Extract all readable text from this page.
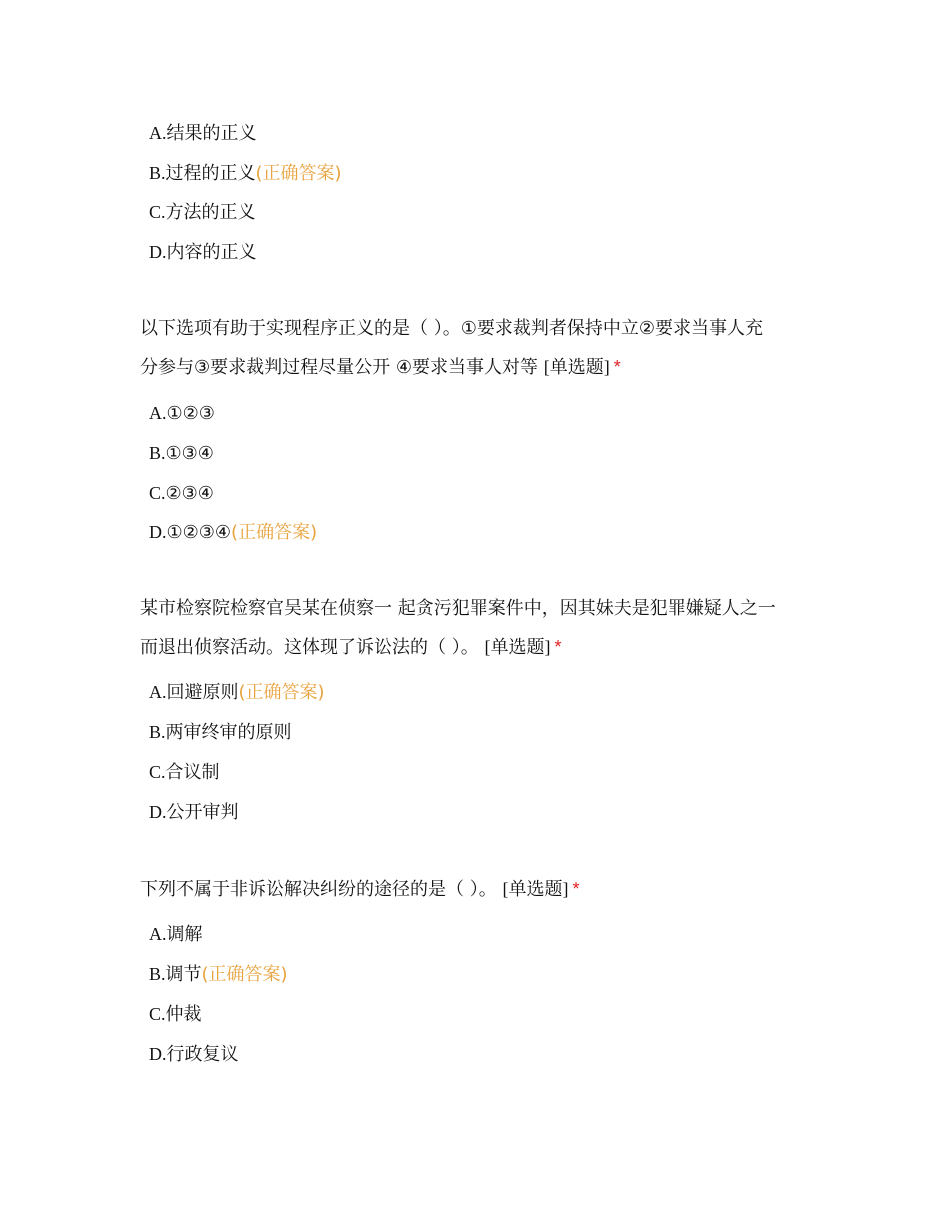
A.结果的正义
B.过程的正义(正确答案)
C.方法的正义
D.内容的正义
以下选项有助于实现程序正义的是（ ）。①要求裁判者保持中立②要求当事人充
分参与③要求裁判过程尽量公开 ④要求当事人对等 [单选题] *
A.①②③
B.①③④
C.②③④
D.①②③④(正确答案)
某市检察院检察官吴某在侦察一 起贪污犯罪案件中，因其妹夫是犯罪嫌疑人之一
而退出侦察活动。这体现了诉讼法的（ ）。 [单选题] *
A.回避原则(正确答案)
B.两审终审的原则
C.合议制
D.公开审判
下列不属于非诉讼解决纠纷的途径的是（ ）。 [单选题] *
A.调解
B.调节(正确答案)
C.仲裁
D.行政复议
